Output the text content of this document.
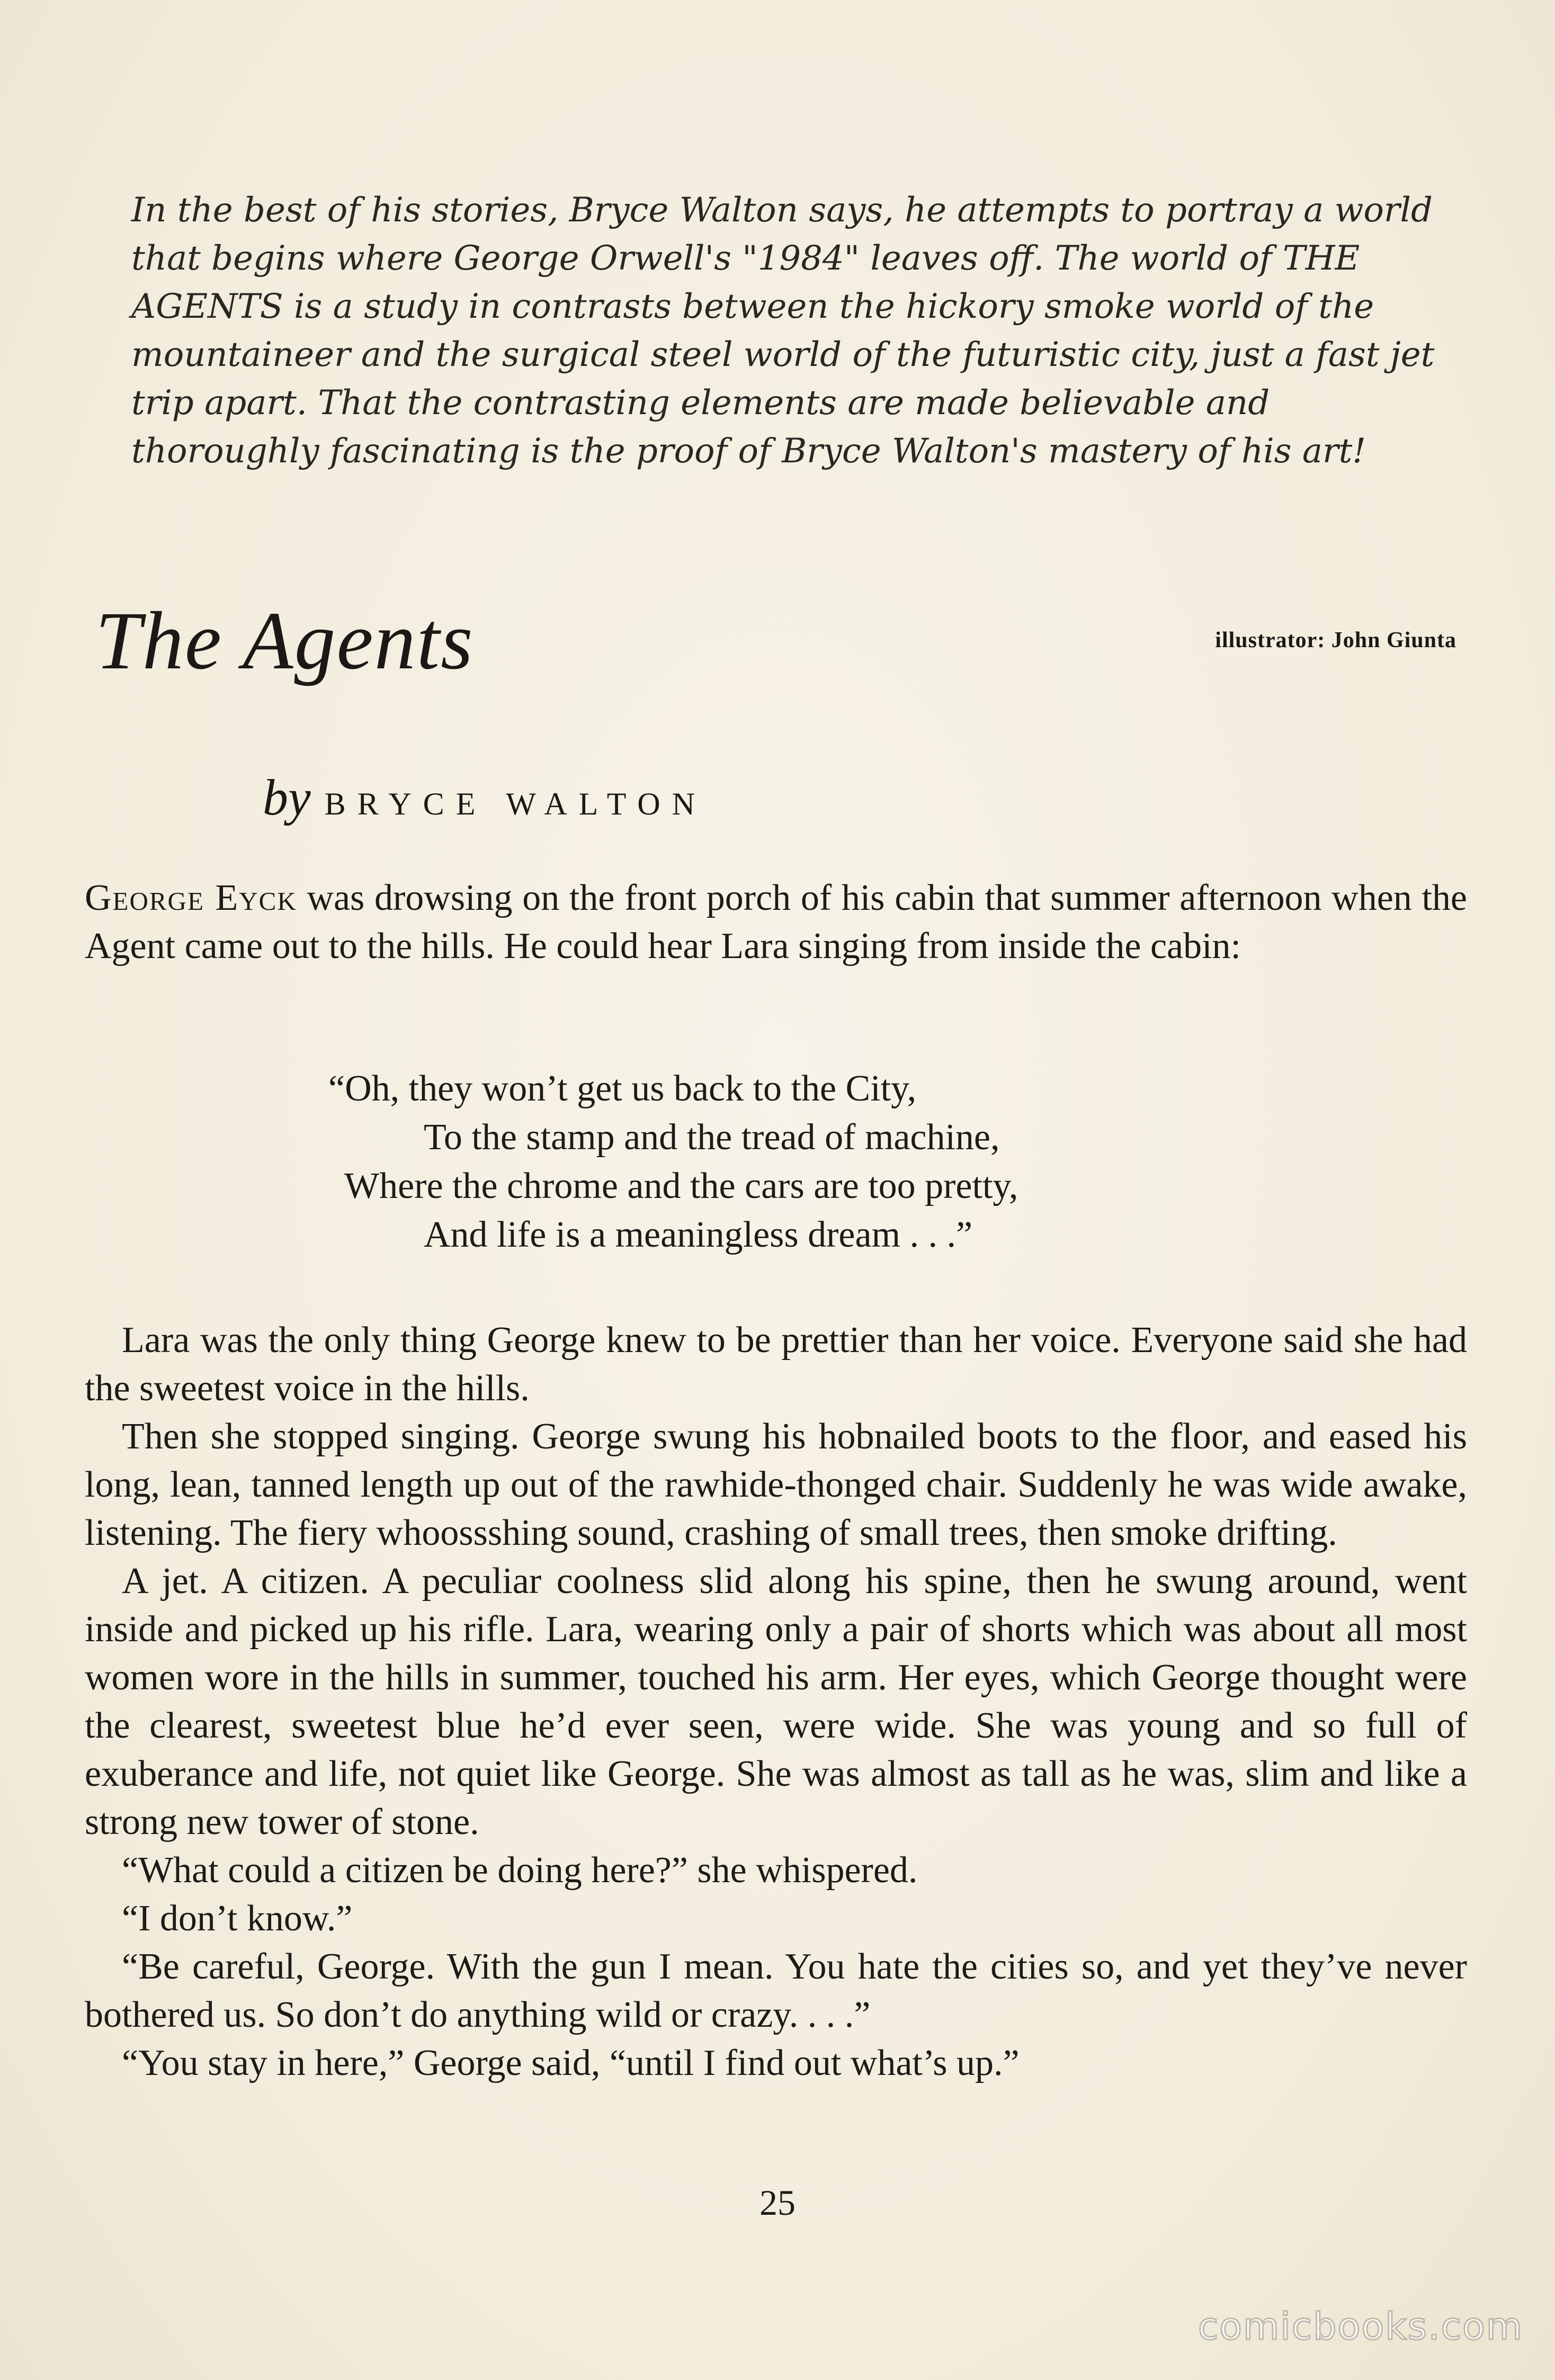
In the best of his stories, Bryce Walton says, he attempts to portray a world that begins where George Orwell's "1984" leaves off. The world of THE AGENTS is a study in contrasts between the hickory smoke world of the mountaineer and the surgical steel world of the futuristic city, just a fast jet trip apart. That the contrasting elements are made believable and thoroughly fascinating is the proof of Bryce Walton's mastery of his art!

The Agents	illustrator: John Giunta
by BRYCE WALTON

George Eyck was drowsing on the front porch of his cabin that summer afternoon when the Agent came out to the hills. He could hear Lara singing from inside the cabin:

“Oh, they won’t get us back to the City,
To the stamp and the tread of machine,
Where the chrome and the cars are too pretty,
And life is a meaningless dream . . .”

Lara was the only thing George knew to be prettier than her voice. Everyone said she had the sweetest voice in the hills.

Then she stopped singing. George swung his hobnailed boots to the floor, and eased his long, lean, tanned length up out of the rawhide-thonged chair. Suddenly he was wide awake, listening. The fiery whoossshing sound, crashing of small trees, then smoke drifting.

A jet. A citizen. A peculiar coolness slid along his spine, then he swung around, went inside and picked up his rifle. Lara, wearing only a pair of shorts which was about all most women wore in the hills in summer, touched his arm. Her eyes, which George thought were the clearest, sweetest blue he’d ever seen, were wide. She was young and so full of exuberance and life, not quiet like George. She was almost as tall as he was, slim and like a strong new tower of stone.

“What could a citizen be doing here?” she whispered.

“I don’t know.”

“Be careful, George. With the gun I mean. You hate the cities so, and yet they’ve never bothered us. So don’t do anything wild or crazy. . . .”

“You stay in here,” George said, “until I find out what’s up.”

25
comicbooks.com
